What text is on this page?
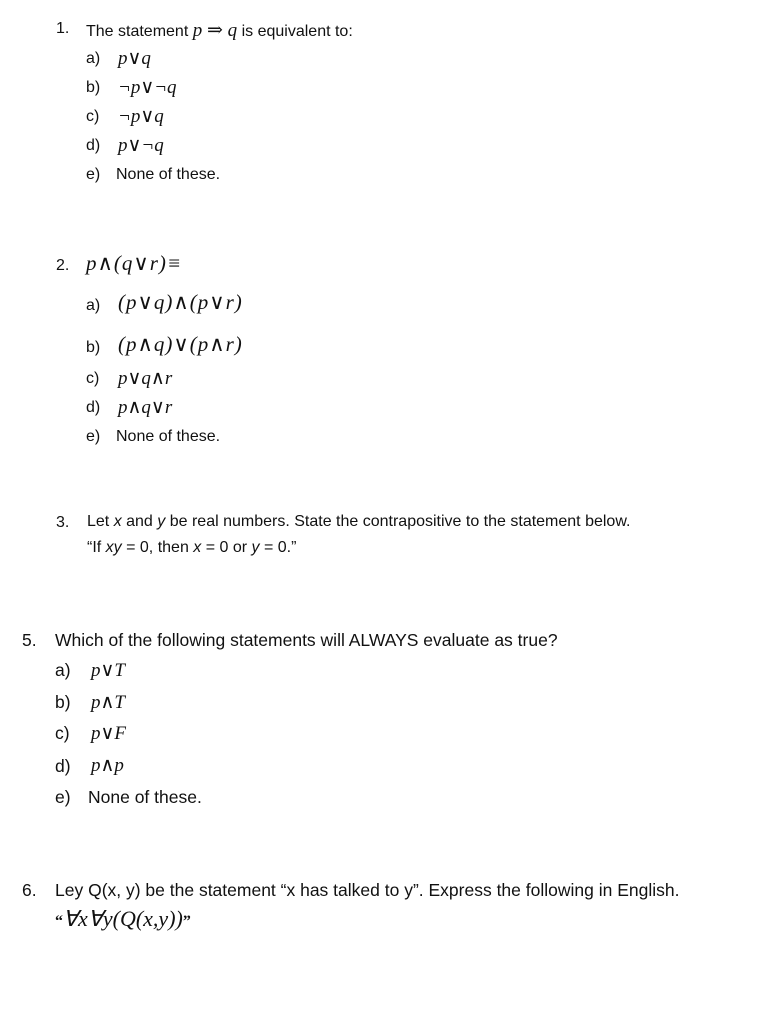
1. The statement p ⇒ q is equivalent to:
a) p∨q
b) ¬p∨¬q
c) ¬p∨q
d) p∨¬q
e) None of these.
2. p∧(q∨r)≡
a) (p∨q)∧(p∨r)
b) (p∧q)∨(p∧r)
c) p∨q∧r
d) p∧q∨r
e) None of these.
3. Let x and y be real numbers. State the contrapositive to the statement below.
“If xy = 0, then x = 0 or y = 0.”
5. Which of the following statements will ALWAYS evaluate as true?
a) p∨T
b) p∧T
c) p∨F
d) p∧p
e) None of these.
6. Ley Q(x, y) be the statement “x has talked to y”. Express the following in English.
“∀x∀y(Q(x,y))”
